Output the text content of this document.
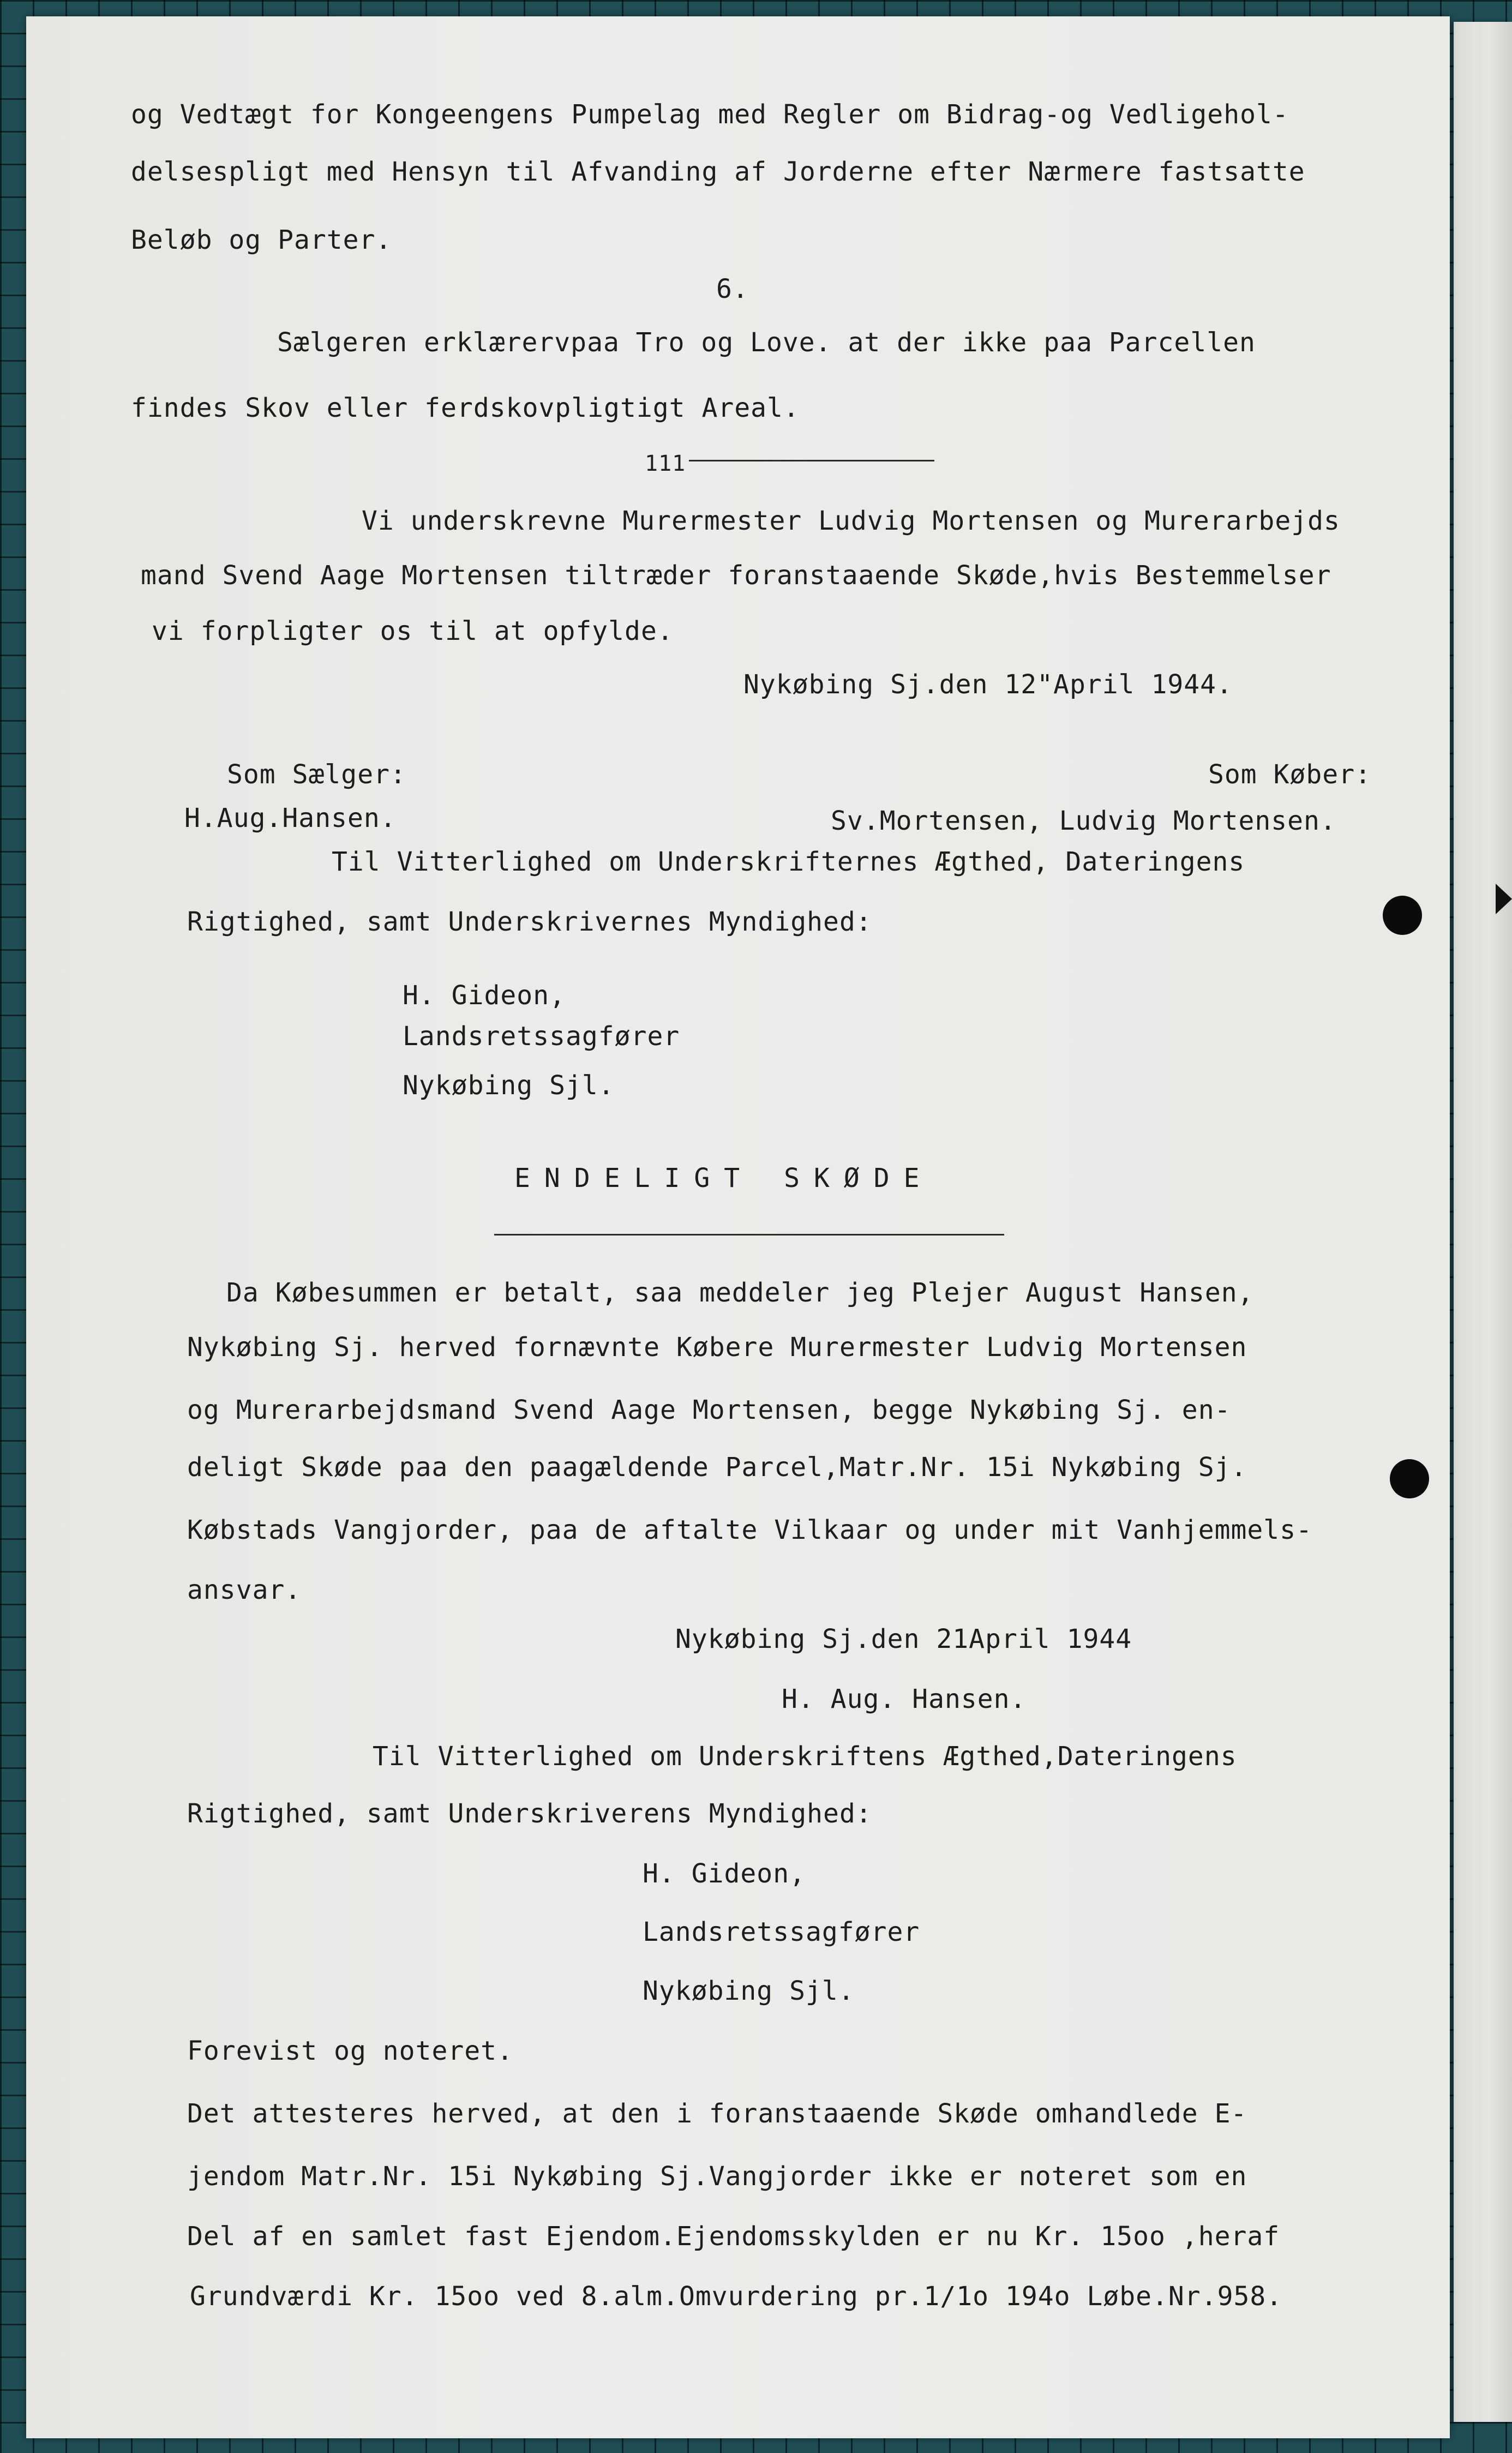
og Vedtægt for Kongeengens Pumpelag med Regler om Bidrag-og Vedligehol-
delsespligt med Hensyn til Afvanding af Jorderne efter Nærmere fastsatte
Beløb og Parter.
6.
Sælgeren erklærervpaa Tro og Love. at der ikke paa Parcellen
findes Skov eller ferdskovpligtigt Areal.
111
Vi underskrevne Murermester Ludvig Mortensen og Murerarbejds
mand Svend Aage Mortensen tiltræder foranstaaende Skøde,hvis Bestemmelser
vi forpligter os til at opfylde.
Nykøbing Sj.den 12"April 1944.
Som Sælger:	Som Køber:
H.Aug.Hansen.	Sv.Mortensen, Ludvig Mortensen.
Til Vitterlighed om Underskrifternes Ægthed, Dateringens
Rigtighed, samt Underskrivernes Myndighed:
H. Gideon,
Landsretssagfører
Nykøbing Sjl.
ENDELIGT SKØDE
Da Købesummen er betalt, saa meddeler jeg Plejer August Hansen,
Nykøbing Sj. herved fornævnte Købere Murermester Ludvig Mortensen
og Murerarbejdsmand Svend Aage Mortensen, begge Nykøbing Sj. en-
deligt Skøde paa den paagældende Parcel,Matr.Nr. 15i Nykøbing Sj.
Købstads Vangjorder, paa de aftalte Vilkaar og under mit Vanhjemmels-
ansvar.
Nykøbing Sj.den 21April 1944
H. Aug. Hansen.
Til Vitterlighed om Underskriftens Ægthed,Dateringens
Rigtighed, samt Underskriverens Myndighed:
H. Gideon,
Landsretssagfører
Nykøbing Sjl.
Forevist og noteret.
Det attesteres herved, at den i foranstaaende Skøde omhandlede E-
jendom Matr.Nr. 15i Nykøbing Sj.Vangjorder ikke er noteret som en
Del af en samlet fast Ejendom.Ejendomsskylden er nu Kr. 15oo ,heraf
Grundværdi Kr. 15oo ved 8.alm.Omvurdering pr.1/1o 194o Løbe.Nr.958.
